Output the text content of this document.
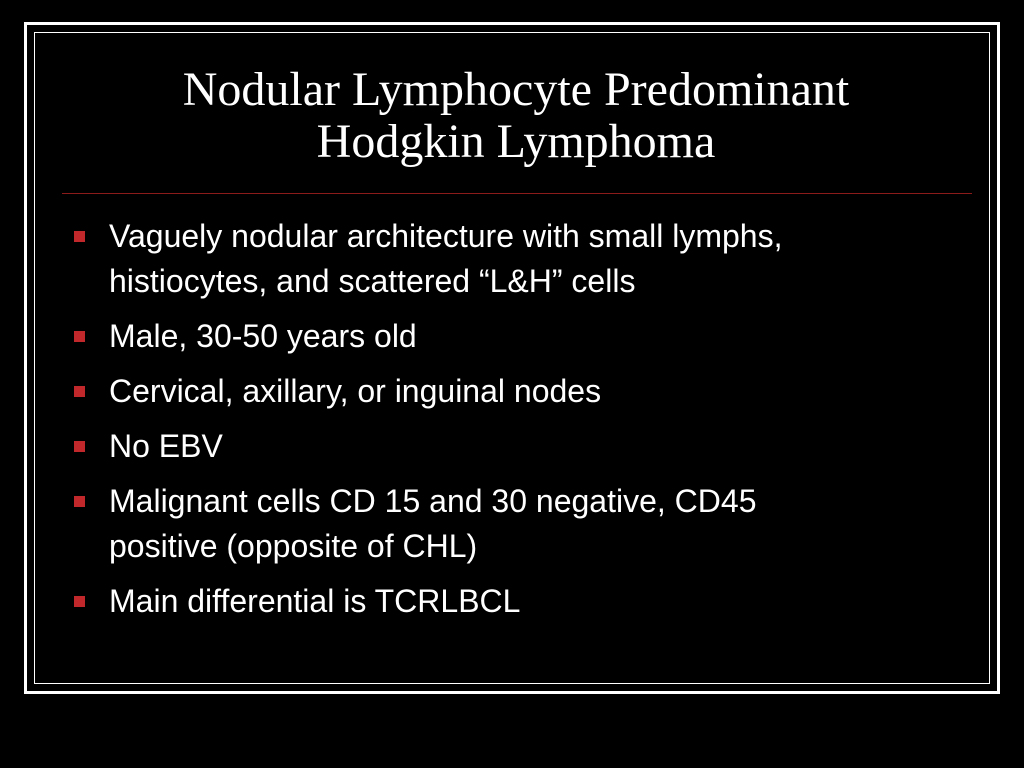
Nodular Lymphocyte Predominant
Hodgkin Lymphoma
Vaguely nodular architecture with small lymphs,
histiocytes, and scattered “L&H” cells
Male, 30-50 years old
Cervical, axillary, or inguinal nodes
No EBV
Malignant cells CD 15 and 30 negative, CD45
positive (opposite of CHL)
Main differential is TCRLBCL
